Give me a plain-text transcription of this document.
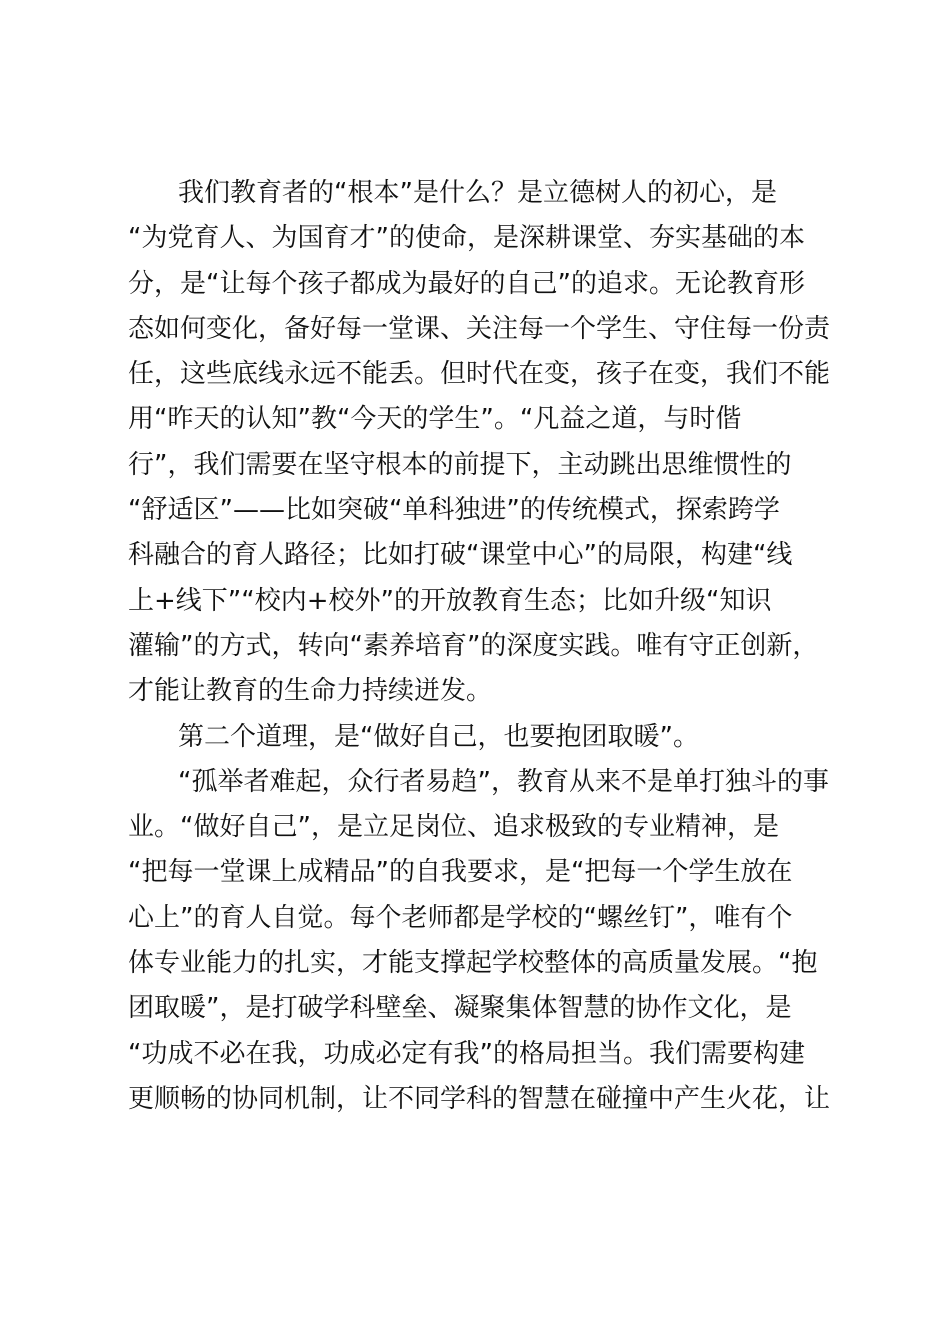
我们教育者的“根本”是什么？是立德树人的初心，是
“为党育人、为国育才”的使命，是深耕课堂、夯实基础的本
分，是“让每个孩子都成为最好的自己”的追求。无论教育形
态如何变化，备好每一堂课、关注每一个学生、守住每一份责
任，这些底线永远不能丢。但时代在变，孩子在变，我们不能
用“昨天的认知”教“今天的学生”。“凡益之道，与时偕
行”，我们需要在坚守根本的前提下，主动跳出思维惯性的
“舒适区”——比如突破“单科独进”的传统模式，探索跨学
科融合的育人路径；比如打破“课堂中心”的局限，构建“线
上+线下”“校内+校外”的开放教育生态；比如升级“知识
灌输”的方式，转向“素养培育”的深度实践。唯有守正创新，
才能让教育的生命力持续迸发。
第二个道理，是“做好自己，也要抱团取暖”。
“孤举者难起，众行者易趋”，教育从来不是单打独斗的事
业。“做好自己”，是立足岗位、追求极致的专业精神，是
“把每一堂课上成精品”的自我要求，是“把每一个学生放在
心上”的育人自觉。每个老师都是学校的“螺丝钉”，唯有个
体专业能力的扎实，才能支撑起学校整体的高质量发展。“抱
团取暖”，是打破学科壁垒、凝聚集体智慧的协作文化，是
“功成不必在我，功成必定有我”的格局担当。我们需要构建
更顺畅的协同机制，让不同学科的智慧在碰撞中产生火花，让
